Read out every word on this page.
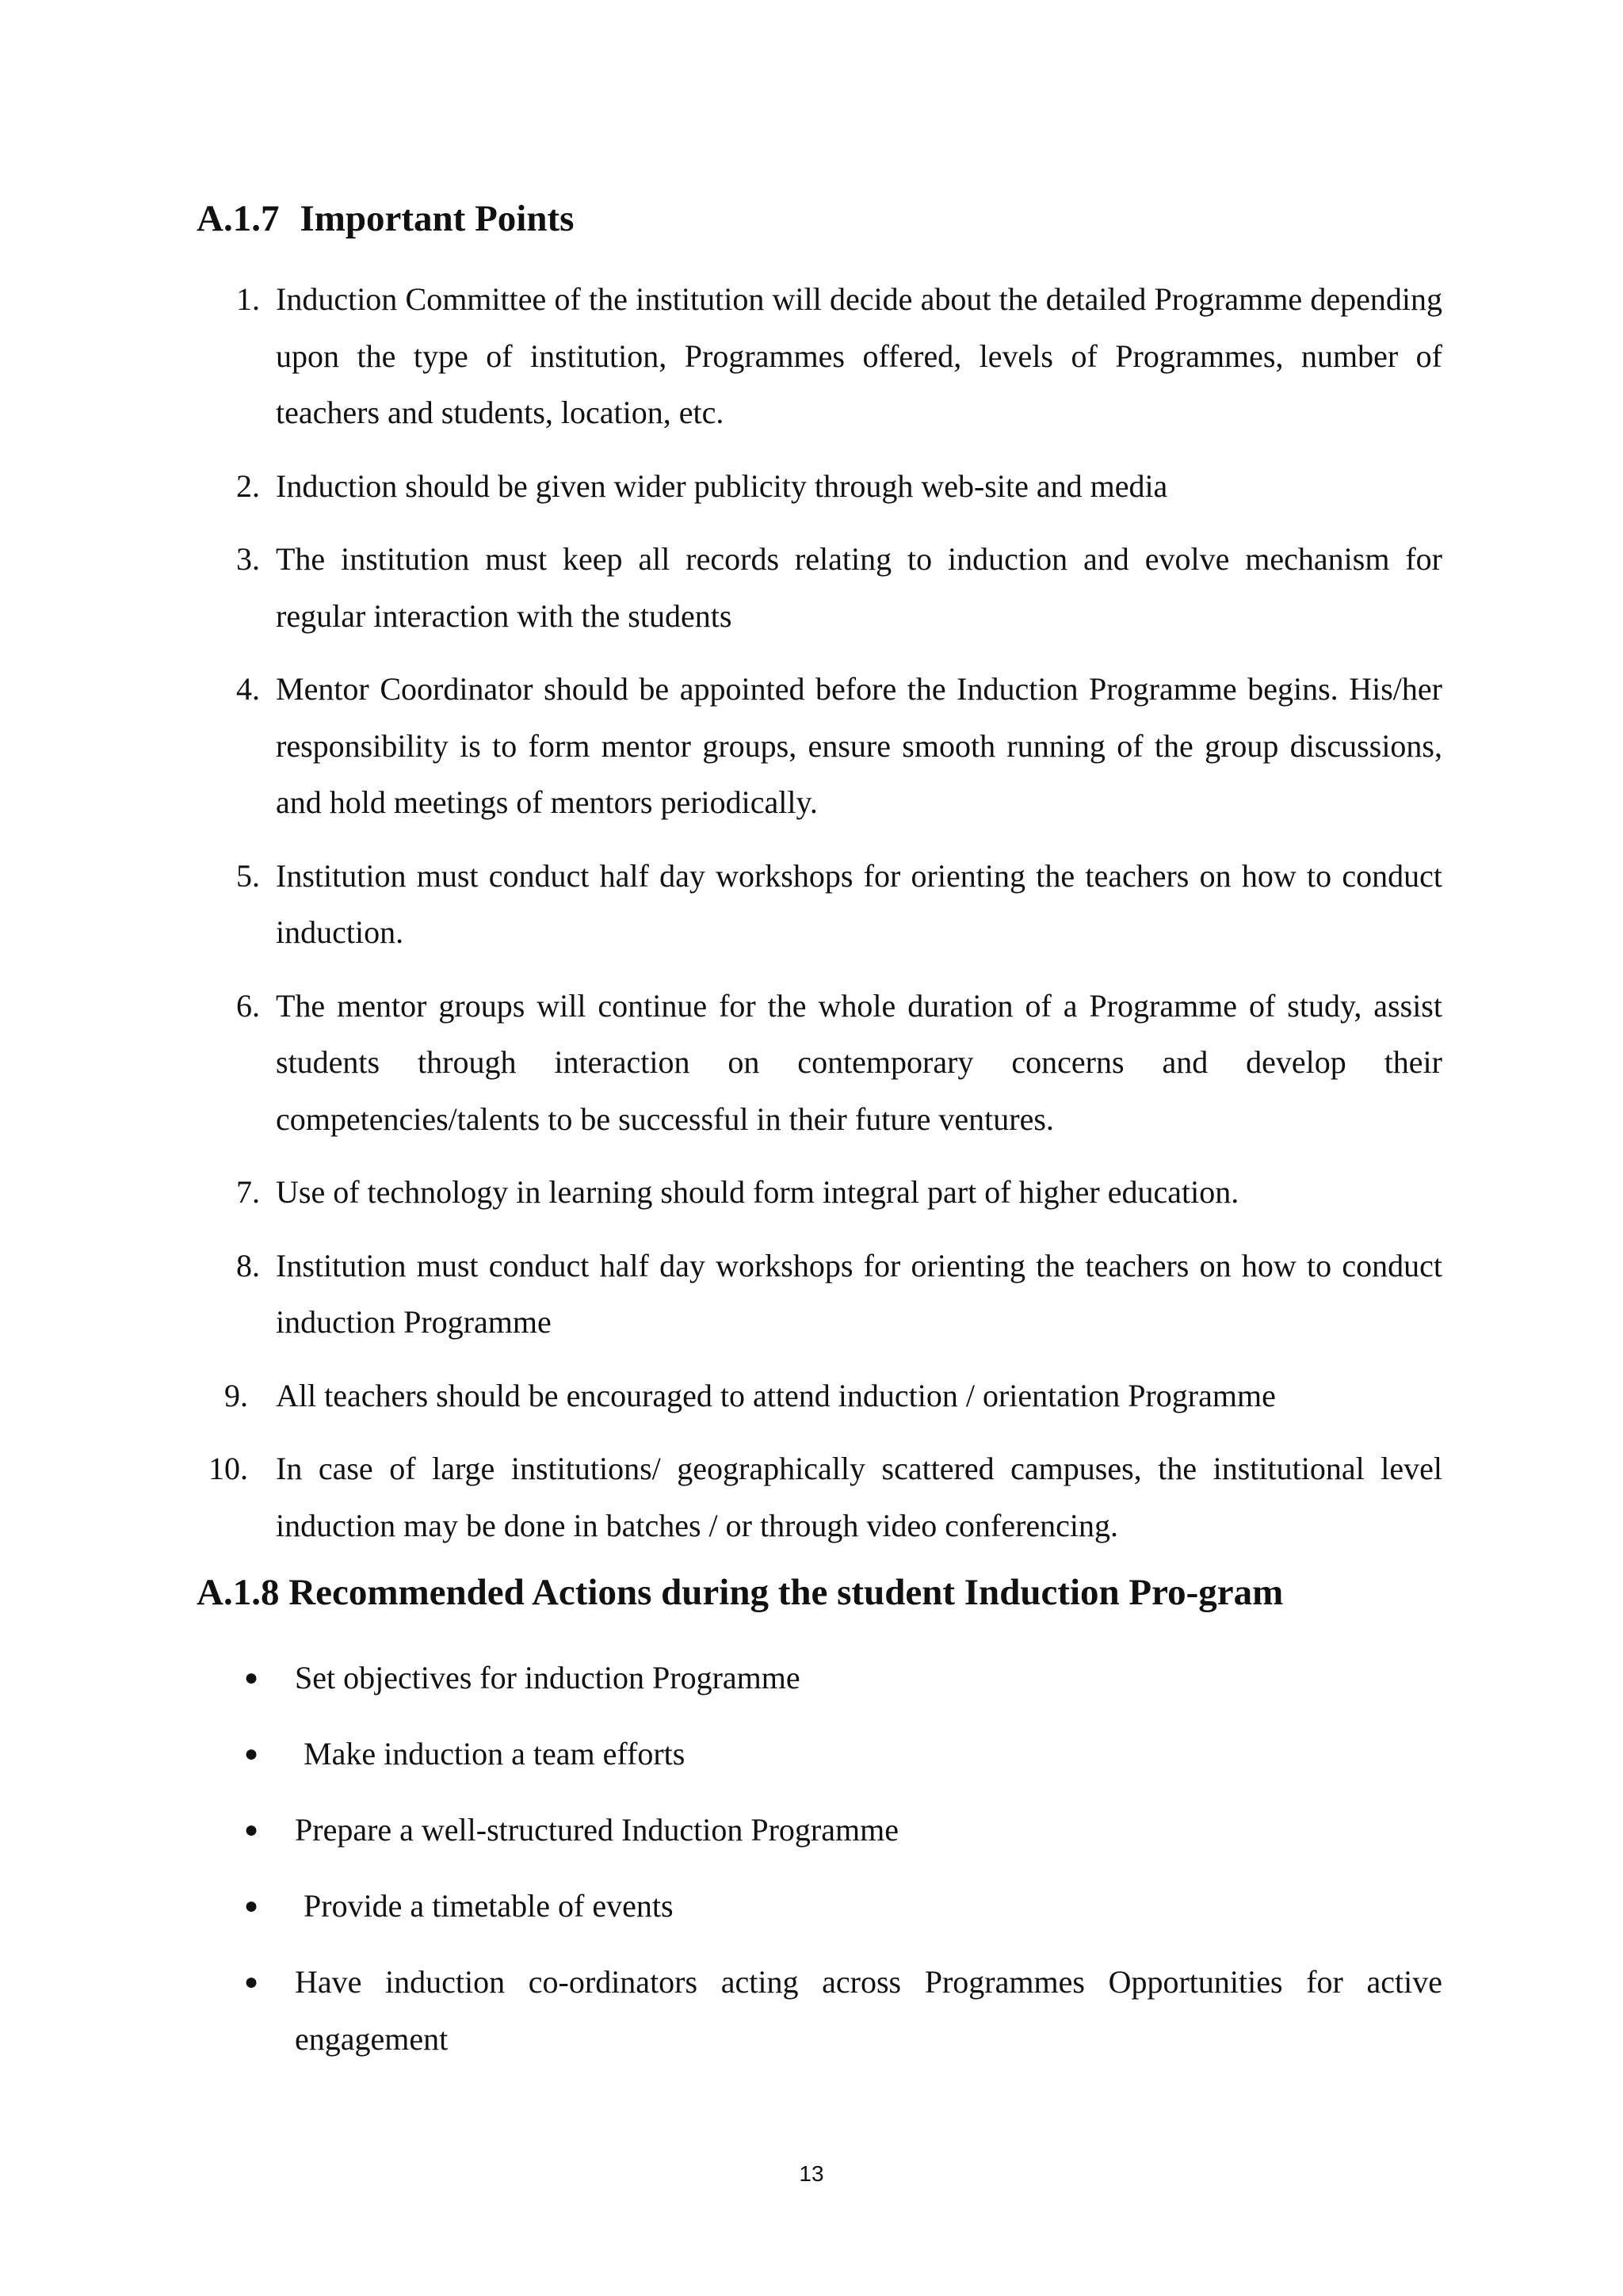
A.1.7 Important Points
1. Induction Committee of the institution will decide about the detailed Programme depending upon the type of institution, Programmes offered, levels of Programmes, number of teachers and students, location, etc.
2. Induction should be given wider publicity through web-site and media
3. The institution must keep all records relating to induction and evolve mechanism for regular interaction with the students
4. Mentor Coordinator should be appointed before the Induction Programme begins. His/her responsibility is to form mentor groups, ensure smooth running of the group discussions, and hold meetings of mentors periodically.
5. Institution must conduct half day workshops for orienting the teachers on how to conduct induction.
6. The mentor groups will continue for the whole duration of a Programme of study, assist students through interaction on contemporary concerns and develop their competencies/talents to be successful in their future ventures.
7. Use of technology in learning should form integral part of higher education.
8. Institution must conduct half day workshops for orienting the teachers on how to conduct induction Programme
9. All teachers should be encouraged to attend induction / orientation Programme
10. In case of large institutions/ geographically scattered campuses, the institutional level induction may be done in batches / or through video conferencing.
A.1.8 Recommended Actions during the student Induction Pro-gram
● Set objectives for induction Programme
● Make induction a team efforts
● Prepare a well-structured Induction Programme
● Provide a timetable of events
● Have induction co-ordinators acting across Programmes Opportunities for active engagement
13
